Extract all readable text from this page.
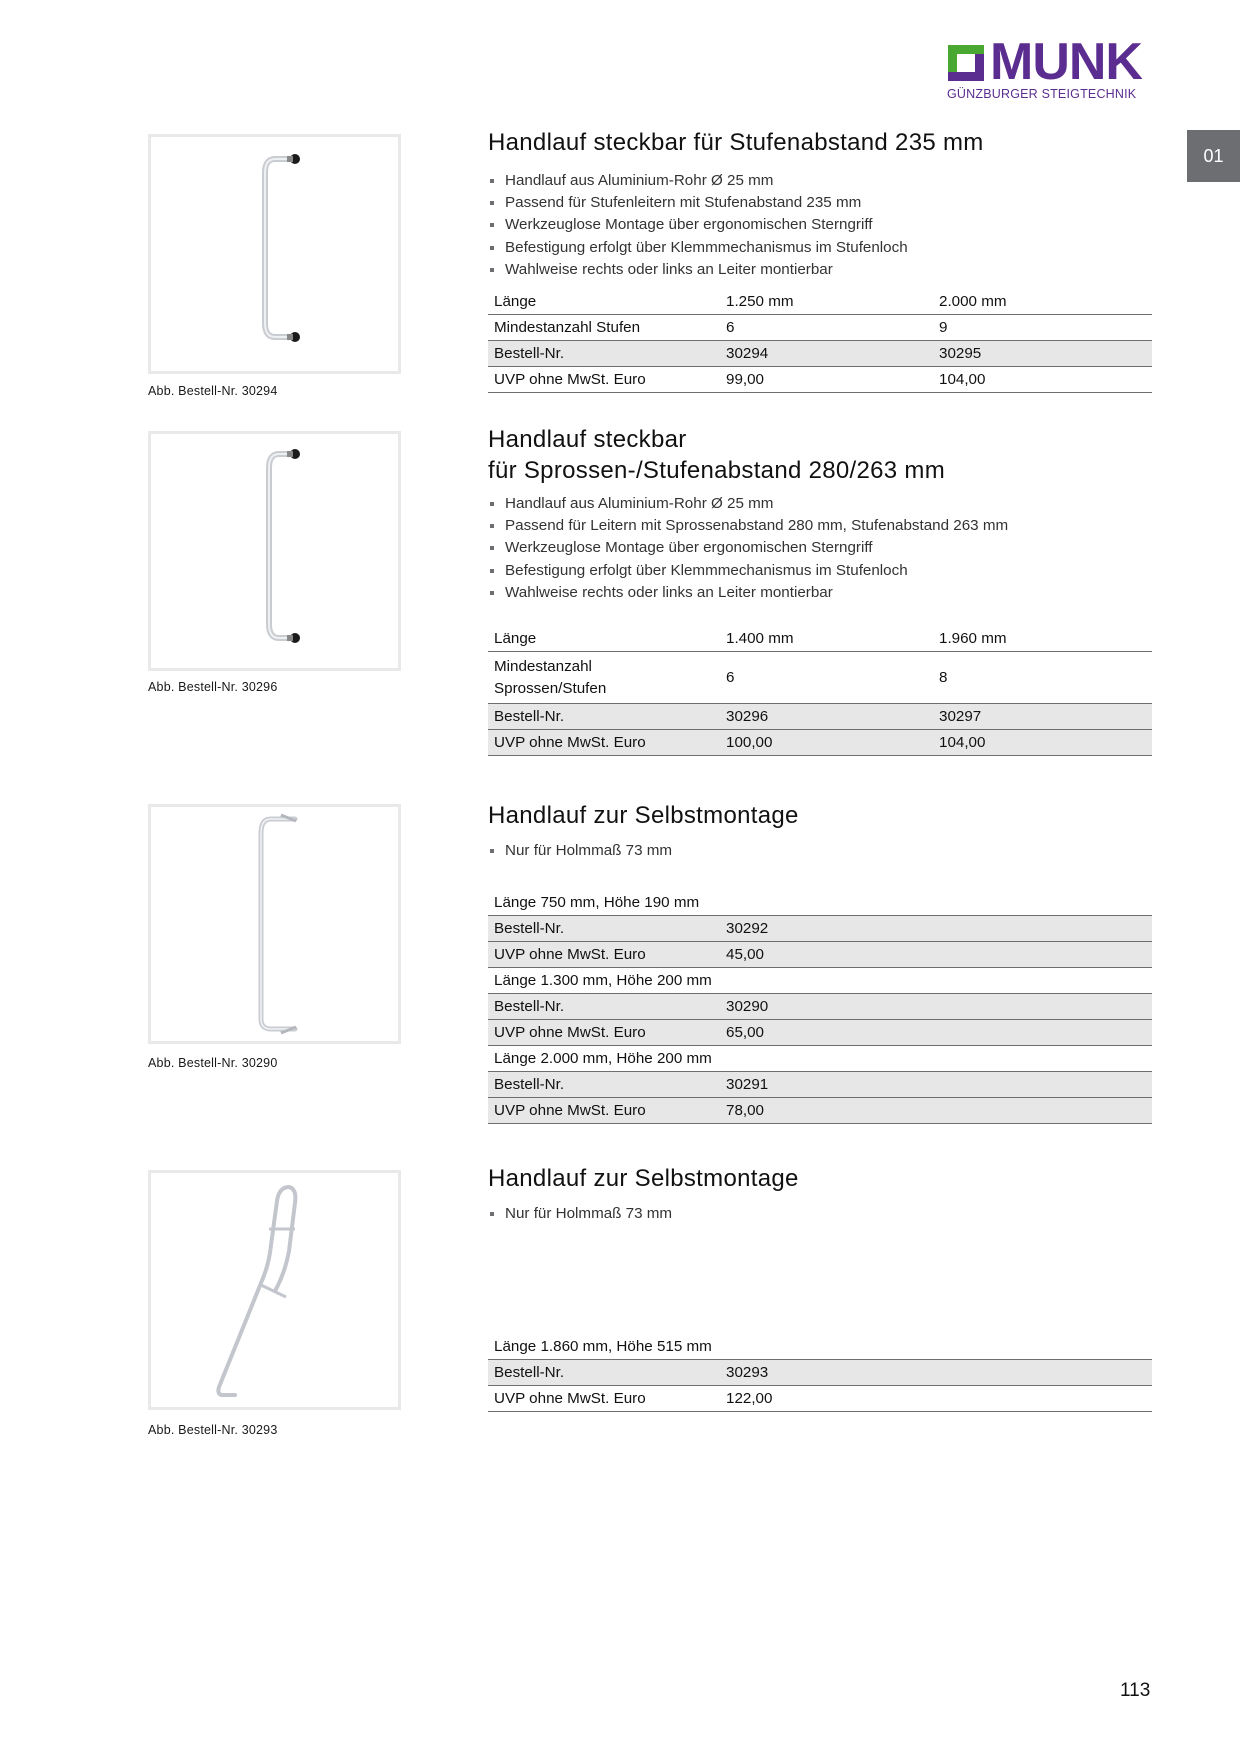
MUNK
GÜNZBURGER STEIGTECHNIK
01
Abb. Bestell-Nr. 30294
Handlauf steckbar für Stufenabstand 235 mm
Handlauf aus Aluminium-Rohr Ø 25 mm
Passend für Stufenleitern mit Stufenabstand 235 mm
Werkzeuglose Montage über ergonomischen Sterngriff
Befestigung erfolgt über Klemmmechanismus im Stufenloch
Wahlweise rechts oder links an Leiter montierbar
Länge	1.250 mm	2.000 mm
Mindestanzahl Stufen	6	9
Bestell-Nr.	30294	30295
UVP ohne MwSt. Euro	99,00	104,00
Abb. Bestell-Nr. 30296
Handlauf steckbar
für Sprossen-/Stufenabstand 280/263 mm
Handlauf aus Aluminium-Rohr Ø 25 mm
Passend für Leitern mit Sprossenabstand 280 mm, Stufenabstand 263 mm
Werkzeuglose Montage über ergonomischen Sterngriff
Befestigung erfolgt über Klemmmechanismus im Stufenloch
Wahlweise rechts oder links an Leiter montierbar
Länge	1.400 mm	1.960 mm
Mindestanzahl
Sprossen/Stufen	6	8
Bestell-Nr.	30296	30297
UVP ohne MwSt. Euro	100,00	104,00
Abb. Bestell-Nr. 30290
Handlauf zur Selbstmontage
Nur für Holmmaß 73 mm
Länge 750 mm, Höhe 190 mm	
Bestell-Nr.	30292
UVP ohne MwSt. Euro	45,00
Länge 1.300 mm, Höhe 200 mm	
Bestell-Nr.	30290
UVP ohne MwSt. Euro	65,00
Länge 2.000 mm, Höhe 200 mm	
Bestell-Nr.	30291
UVP ohne MwSt. Euro	78,00
Abb. Bestell-Nr. 30293
Handlauf zur Selbstmontage
Nur für Holmmaß 73 mm
Länge 1.860 mm, Höhe 515 mm	
Bestell-Nr.	30293
UVP ohne MwSt. Euro	122,00
113
